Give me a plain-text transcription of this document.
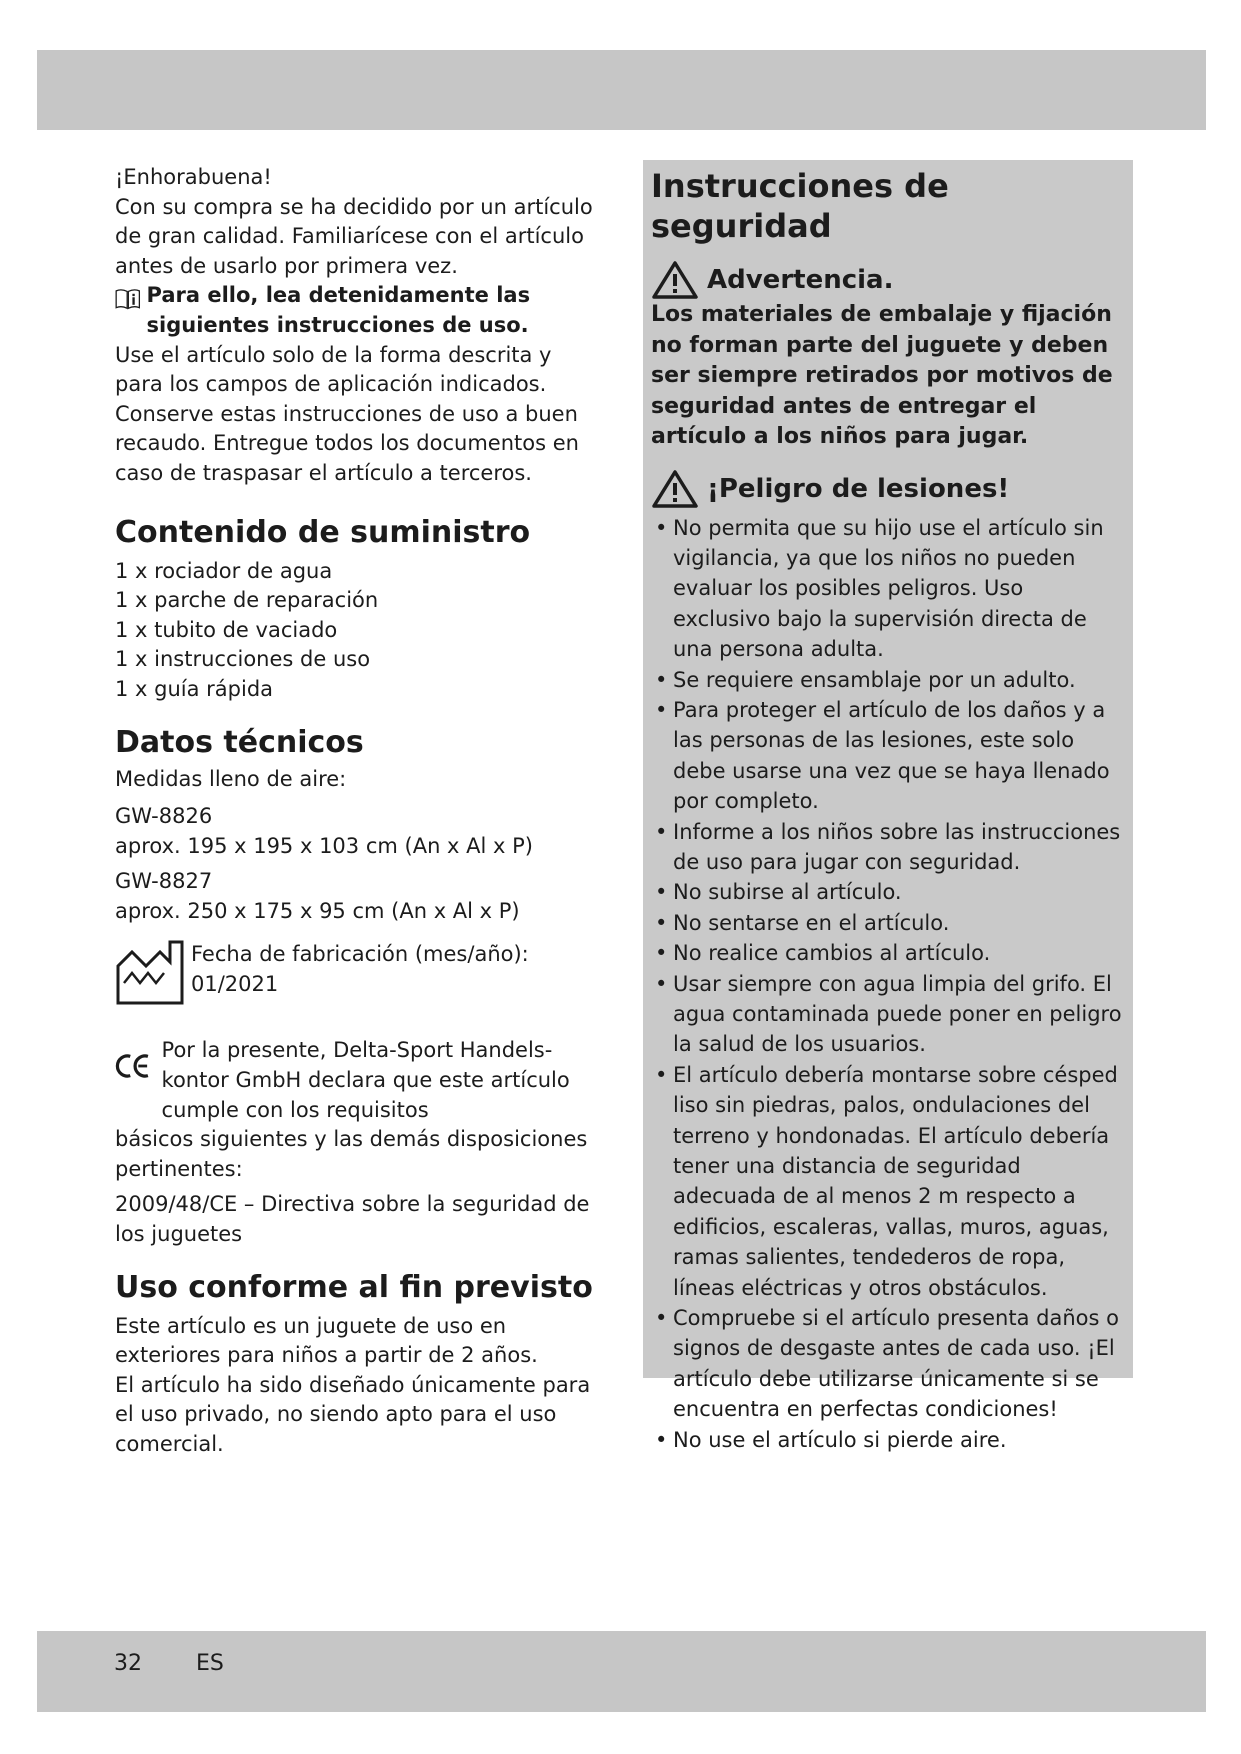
¡Enhorabuena!

Con su compra se ha decidido por un artículo de gran calidad. Familiarícese con el artículo antes de usarlo por primera vez.

Para ello, lea detenidamente las siguientes instrucciones de uso.

Use el artículo solo de la forma descrita y para los campos de aplicación indicados. Conserve estas instrucciones de uso a buen recaudo. Entregue todos los documentos en caso de traspasar el artículo a terceros.

Contenido de suministro
1 x rociador de agua
1 x parche de reparación
1 x tubito de vaciado
1 x instrucciones de uso
1 x guía rápida
Datos técnicos

Medidas lleno de aire:

GW-8826

aprox. 195 x 195 x 103 cm (An x Al x P)

GW-8827

aprox. 250 x 175 x 95 cm (An x Al x P)

Fecha de fabricación (mes/año):

01/2021

Por la presente, Delta-Sport Handels- kontor GmbH declara que este artículo cumple con los requisitos

básicos siguientes y las demás disposiciones pertinentes:

2009/48/CE – Directiva sobre la seguridad de los juguetes

Uso conforme al fin previsto

Este artículo es un juguete de uso en exteriores para niños a partir de 2 años.

El artículo ha sido diseñado únicamente para el uso privado, no siendo apto para el uso comercial.

Instrucciones de seguridad
Advertencia.

Los materiales de embalaje y fijación no forman parte del juguete y deben ser siempre retirados por motivos de seguridad antes de entregar el artículo a los niños para jugar.

¡Peligro de lesiones!
• No permita que su hijo use el artículo sin vigilancia, ya que los niños no pueden evaluar los posibles peligros. Uso exclusivo bajo la supervisión directa de una persona adulta.
• Se requiere ensamblaje por un adulto.
• Para proteger el artículo de los daños y a las personas de las lesiones, este solo debe usarse una vez que se haya llenado por completo.
• Informe a los niños sobre las instrucciones de uso para jugar con seguridad.
• No subirse al artículo.
• No sentarse en el artículo.
• No realice cambios al artículo.
• Usar siempre con agua limpia del grifo. El agua contaminada puede poner en peligro la salud de los usuarios.
• El artículo debería montarse sobre césped liso sin piedras, palos, ondulaciones del terreno y hondonadas. El artículo debería tener una distancia de seguridad adecuada de al menos 2 m respecto a edificios, escaleras, vallas, muros, aguas, ramas salientes, tendederos de ropa, líneas eléctricas y otros obstáculos.
• Compruebe si el artículo presenta daños o signos de desgaste antes de cada uso. ¡El artículo debe utilizarse únicamente si se encuentra en perfectas condiciones!
• No use el artículo si pierde aire.
32 ES
